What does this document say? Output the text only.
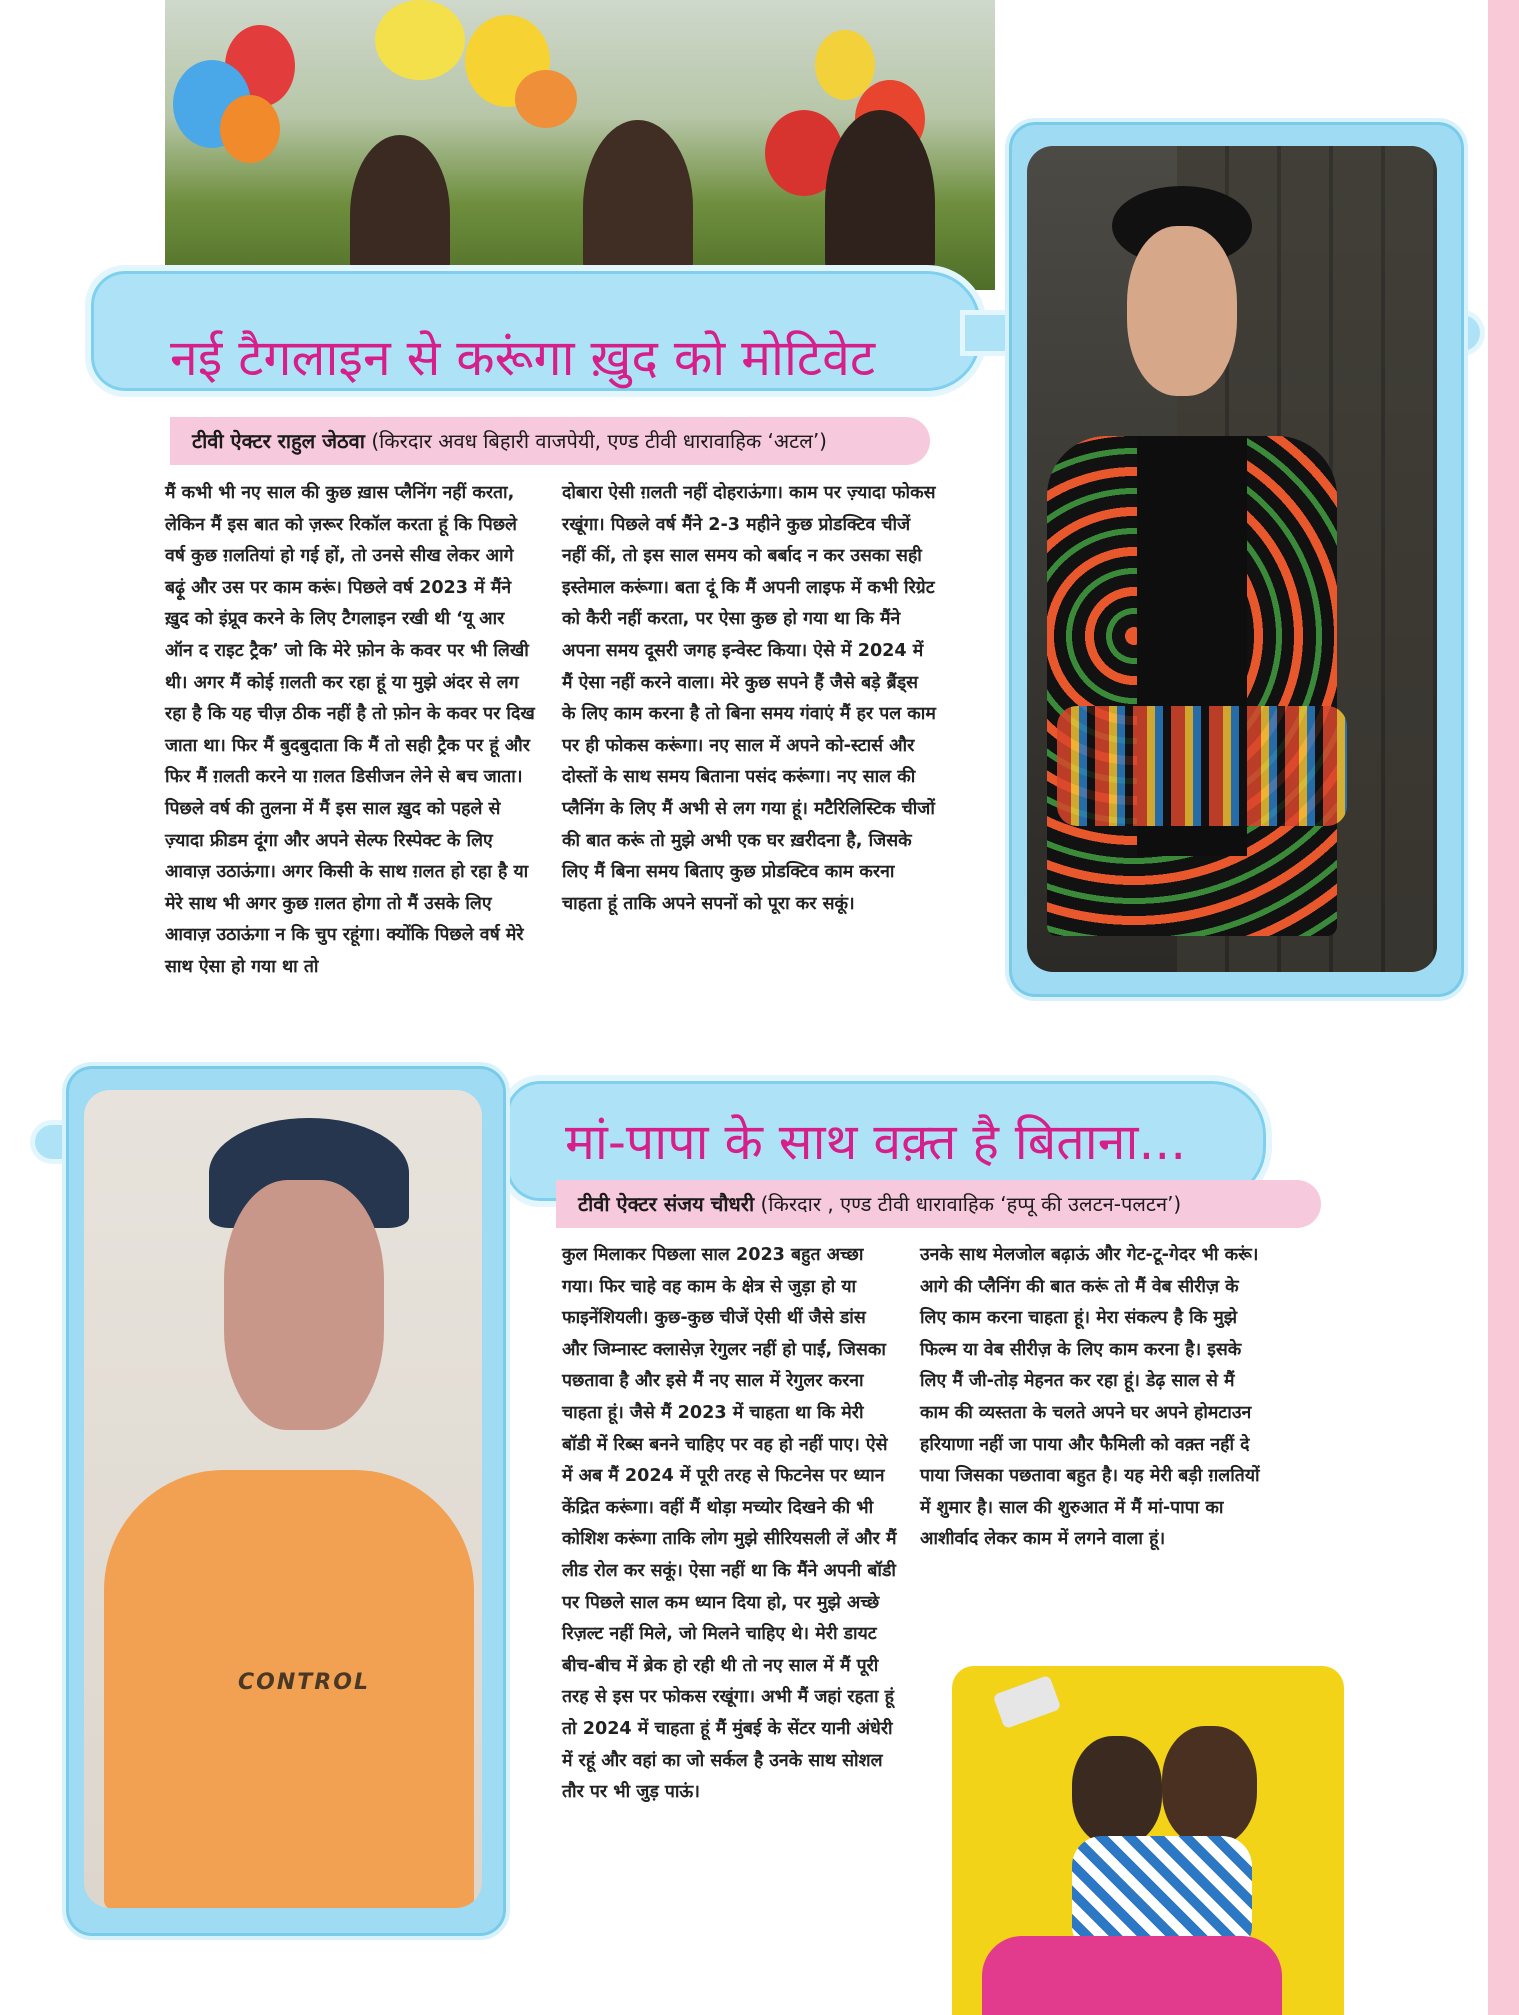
नई टैगलाइन से करूंगा ख़ुद को मोटिवेट
टीवी ऐक्टर राहुल जेठवा (किरदार अवध बिहारी वाजपेयी, एण्ड टीवी धारावाहिक ‘अटल’)
मैं कभी भी नए साल की कुछ ख़ास प्लैनिंग नहीं करता, लेकिन मैं इस बात को ज़रूर रिकॉल करता हूं कि पिछले वर्ष कुछ ग़लतियां हो गई हों, तो उनसे सीख लेकर आगे बढ़ूं और उस पर काम करूं। पिछले वर्ष 2023 में मैंने ख़ुद को इंप्रूव करने के लिए टैगलाइन रखी थी ‘यू आर ऑन द राइट ट्रैक’ जो कि मेरे फ़ोन के कवर पर भी लिखी थी। अगर मैं कोई ग़लती कर रहा हूं या मुझे अंदर से लग रहा है कि यह चीज़ ठीक नहीं है तो फ़ोन के कवर पर दिख जाता था। फिर मैं बुदबुदाता कि मैं तो सही ट्रैक पर हूं और फिर मैं ग़लती करने या ग़लत डिसीजन लेने से बच जाता। पिछले वर्ष की तुलना में मैं इस साल ख़ुद को पहले से ज़्यादा फ्रीडम दूंगा और अपने सेल्फ रिस्पेक्ट के लिए आवाज़ उठाऊंगा। अगर किसी के साथ ग़लत हो रहा है या मेरे साथ भी अगर कुछ ग़लत होगा तो मैं उसके लिए आवाज़ उठाऊंगा न कि चुप रहूंगा। क्योंकि पिछले वर्ष मेरे साथ ऐसा हो गया था तो
दोबारा ऐसी ग़लती नहीं दोहराऊंगा। काम पर ज़्यादा फोकस रखूंगा। पिछले वर्ष मैंने 2-3 महीने कुछ प्रोडक्टिव चीजें नहीं कीं, तो इस साल समय को बर्बाद न कर उसका सही इस्तेमाल करूंगा। बता दूं कि मैं अपनी लाइफ में कभी रिग्रेट को कैरी नहीं करता, पर ऐसा कुछ हो गया था कि मैंने अपना समय दूसरी जगह इन्वेस्ट किया। ऐसे में 2024 में मैं ऐसा नहीं करने वाला। मेरे कुछ सपने हैं जैसे बड़े ब्रैंड्स के लिए काम करना है तो बिना समय गंवाएं मैं हर पल काम पर ही फोकस करूंगा। नए साल में अपने को-स्टार्स और दोस्तों के साथ समय बिताना पसंद करूंगा। नए साल की प्लैनिंग के लिए मैं अभी से लग गया हूं। मटैरिलिस्टिक चीजों की बात करूं तो मुझे अभी एक घर ख़रीदना है, जिसके लिए मैं बिना समय बिताए कुछ प्रोडक्टिव काम करना चाहता हूं ताकि अपने सपनों को पूरा कर सकूं।
मां-पापा के साथ वक़्त है बिताना...
टीवी ऐक्टर संजय चौधरी (किरदार , एण्ड टीवी धारावाहिक ‘हप्पू की उलटन-पलटन’)
कुल मिलाकर पिछला साल 2023 बहुत अच्छा गया। फिर चाहे वह काम के क्षेत्र से जुड़ा हो या फाइनेंशियली। कुछ-कुछ चीजें ऐसी थीं जैसे डांस और जिम्नास्ट क्लासेज़ रेगुलर नहीं हो पाईं, जिसका पछतावा है और इसे मैं नए साल में रेगुलर करना चाहता हूं। जैसे मैं 2023 में चाहता था कि मेरी बॉडी में रिब्स बनने चाहिए पर वह हो नहीं पाए। ऐसे में अब मैं 2024 में पूरी तरह से फिटनेस पर ध्यान केंद्रित करूंगा। वहीं मैं थोड़ा मच्योर दिखने की भी कोशिश करूंगा ताकि लोग मुझे सीरियसली लें और मैं लीड रोल कर सकूं। ऐसा नहीं था कि मैंने अपनी बॉडी पर पिछले साल कम ध्यान दिया हो, पर मुझे अच्छे रिज़ल्ट नहीं मिले, जो मिलने चाहिए थे। मेरी डायट बीच-बीच में ब्रेक हो रही थी तो नए साल में मैं पूरी तरह से इस पर फोकस रखूंगा। अभी मैं जहां रहता हूं तो 2024 में चाहता हूं मैं मुंबई के सेंटर यानी अंधेरी में रहूं और वहां का जो सर्कल है उनके साथ सोशल तौर पर भी जुड़ पाऊं।
उनके साथ मेलजोल बढ़ाऊं और गेट-टू-गेदर भी करूं। आगे की प्लैनिंग की बात करूं तो मैं वेब सीरीज़ के लिए काम करना चाहता हूं। मेरा संकल्प है कि मुझे फिल्म या वेब सीरीज़ के लिए काम करना है। इसके लिए मैं जी-तोड़ मेहनत कर रहा हूं। डेढ़ साल से मैं काम की व्यस्तता के चलते अपने घर अपने होमटाउन हरियाणा नहीं जा पाया और फैमिली को वक़्त नहीं दे पाया जिसका पछतावा बहुत है। यह मेरी बड़ी ग़लतियों में शुमार है। साल की शुरुआत में मैं मां-पापा का आशीर्वाद लेकर काम में लगने वाला हूं।
CONTROL
